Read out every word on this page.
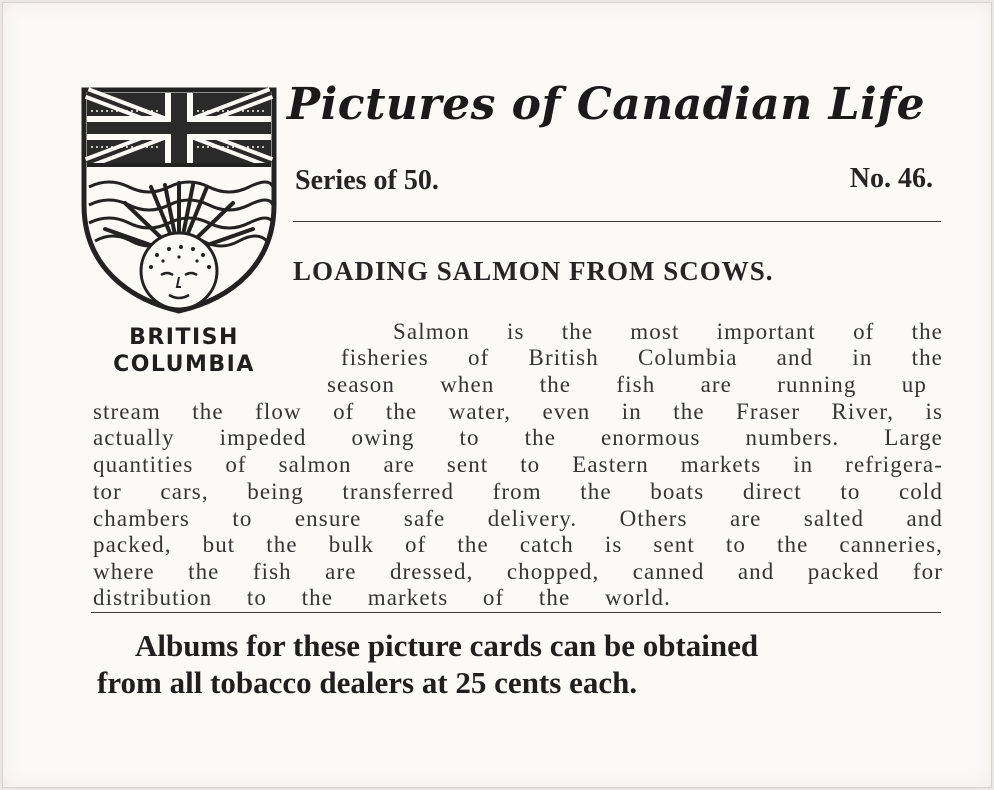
BRITISH
COLUMBIA
Pictures of Canadian Life
Series of 50.	No. 46.
LOADING SALMON FROM SCOWS.
Salmon is the most important of the
fisheries of British Columbia and in the
season when the fish are running up
stream the flow of the water, even in the Fraser River, is
actually impeded owing to the enormous numbers. Large
quantities of salmon are sent to Eastern markets in refrigera-
tor cars, being transferred from the boats direct to cold
chambers to ensure safe delivery. Others are salted and
packed, but the bulk of the catch is sent to the canneries,
where the fish are dressed, chopped, canned and packed for
distribution to the markets of the world.
Albums for these picture cards can be obtained
from all tobacco dealers at 25 cents each.
